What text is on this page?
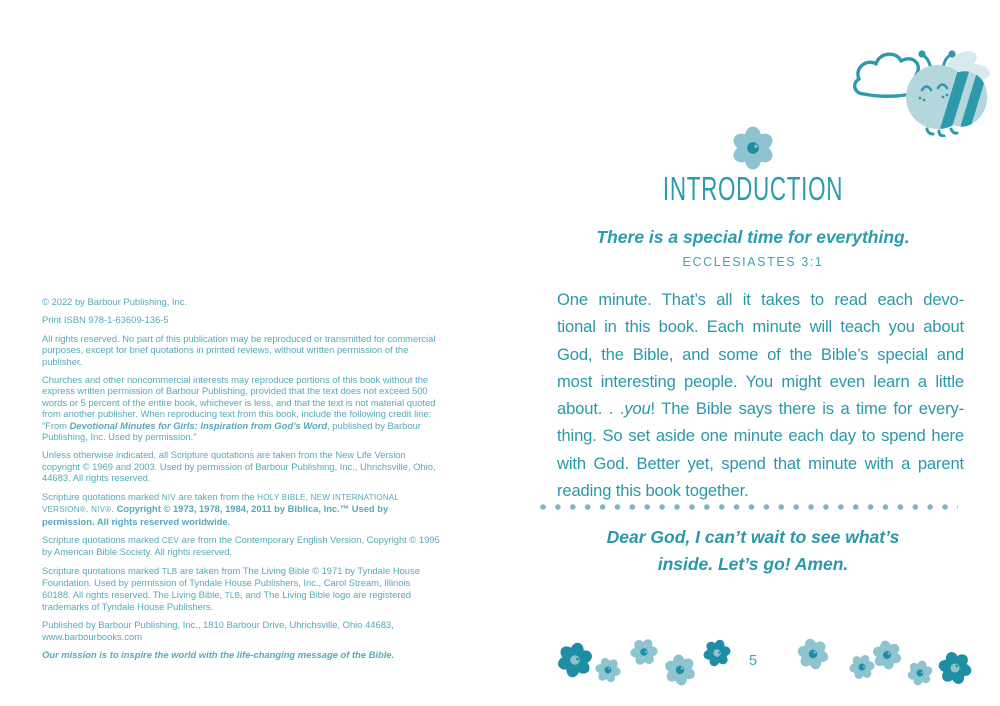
© 2022 by Barbour Publishing, Inc.

Print ISBN 978-1-63609-136-5

All rights reserved. No part of this publication may be reproduced or transmitted for commercial purposes, except for brief quotations in printed reviews, without written permission of the publisher.

Churches and other noncommercial interests may reproduce portions of this book without the express written permission of Barbour Publishing, provided that the text does not exceed 500 words or 5 percent of the entire book, whichever is less, and that the text is not material quoted from another publisher. When reproducing text from this book, include the following credit line: “From Devotional Minutes for Girls: Inspiration from God’s Word, published by Barbour Publishing, Inc. Used by permission.”

Unless otherwise indicated, all Scripture quotations are taken from the New Life Version copyright © 1969 and 2003. Used by permission of Barbour Publishing, Inc., Uhrichsville, Ohio, 44683. All rights reserved.

Scripture quotations marked NIV are taken from the HOLY BIBLE, NEW INTERNATIONAL VERSION®. NIV®. Copyright © 1973, 1978, 1984, 2011 by Biblica, Inc.™ Used by permission. All rights reserved worldwide.

Scripture quotations marked CEV are from the Contemporary English Version, Copyright © 1995 by American Bible Society. All rights reserved.

Scripture quotations marked TLB are taken from The Living Bible © 1971 by Tyndale House Foundation. Used by permission of Tyndale House Publishers, Inc., Carol Stream, Illinois 60188. All rights reserved. The Living Bible, TLB, and The Living Bible logo are registered trademarks of Tyndale House Publishers.

Published by Barbour Publishing, Inc., 1810 Barbour Drive, Uhrichsville, Ohio 44683, www.barbourbooks.com

Our mission is to inspire the world with the life-changing message of the Bible.

INTRODUCTION
There is a special time for everything.
ECCLESIASTES 3:1

One minute. That’s all it takes to read each devo-

tional in this book. Each minute will teach you about

God, the Bible, and some of the Bible’s special and

most interesting people. You might even learn a little

about. . .you! The Bible says there is a time for every-

thing. So set aside one minute each day to spend here

with God. Better yet, spend that minute with a parent

reading this book together.

Dear God, I can’t wait to see what’s
inside. Let’s go! Amen.
5
